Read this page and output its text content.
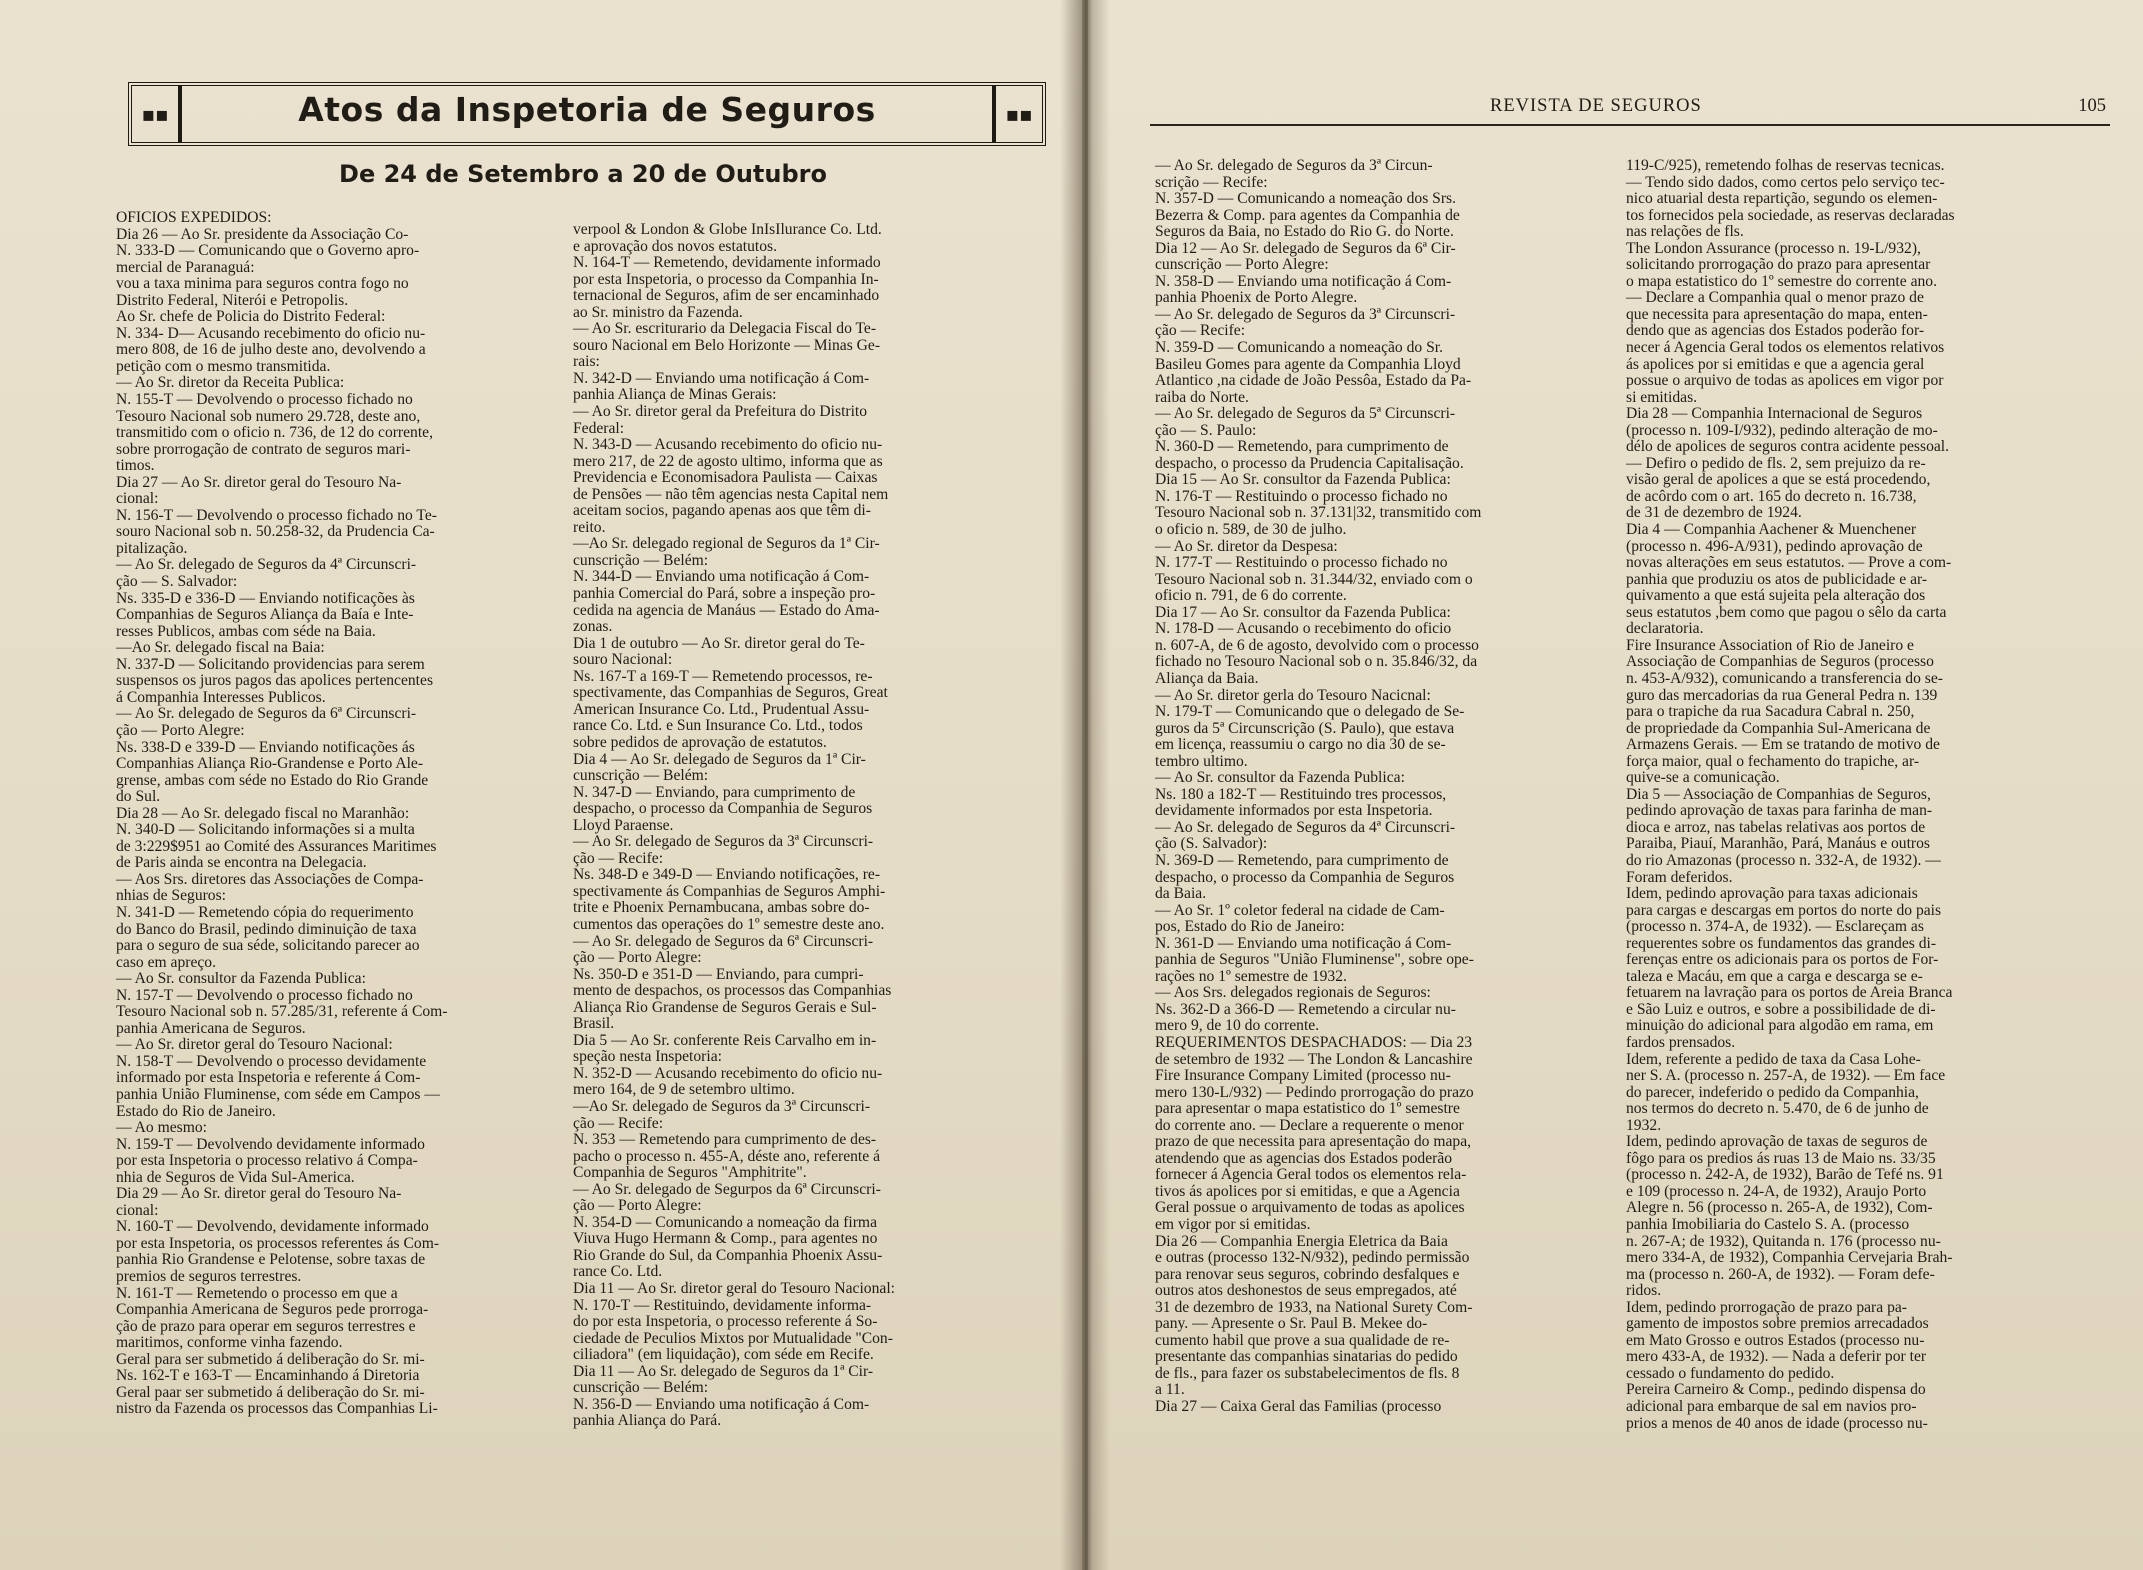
▪▪	Atos da Inspetoria de Seguros	▪▪
De 24 de Setembro a 20 de Outubro

OFICIOS EXPEDIDOS:

Dia 26 — Ao Sr. presidente da Associação Co-

N. 333-D — Comunicando que o Governo apro-

mercial de Paranaguá:

vou a taxa minima para seguros contra fogo no

Distrito Federal, Niterói e Petropolis.

Ao Sr. chefe de Policia do Distrito Federal:

N. 334- D— Acusando recebimento do oficio nu-

mero 808, de 16 de julho deste ano, devolvendo a

petição com o mesmo transmitida.

— Ao Sr. diretor da Receita Publica:

N. 155-T — Devolvendo o processo fichado no

Tesouro Nacional sob numero 29.728, deste ano,

transmitido com o oficio n. 736, de 12 do corrente,

sobre prorrogação de contrato de seguros mari-

timos.

Dia 27 — Ao Sr. diretor geral do Tesouro Na-

cional:

N. 156-T — Devolvendo o processo fichado no Te-

souro Nacional sob n. 50.258-32, da Prudencia Ca-

pitalização.

— Ao Sr. delegado de Seguros da 4ª Circunscri-

ção — S. Salvador:

Ns. 335-D e 336-D — Enviando notificações às

Companhias de Seguros Aliança da Baía e Inte-

resses Publicos, ambas com séde na Baia.

—Ao Sr. delegado fiscal na Baia:

N. 337-D — Solicitando providencias para serem

suspensos os juros pagos das apolices pertencentes

á Companhia Interesses Publicos.

— Ao Sr. delegado de Seguros da 6ª Circunscri-

ção — Porto Alegre:

Ns. 338-D e 339-D — Enviando notificações ás

Companhias Aliança Rio-Grandense e Porto Ale-

grense, ambas com séde no Estado do Rio Grande

do Sul.

Dia 28 — Ao Sr. delegado fiscal no Maranhão:

N. 340-D — Solicitando informações si a multa

de 3:229$951 ao Comité des Assurances Maritimes

de Paris ainda se encontra na Delegacia.

— Aos Srs. diretores das Associações de Compa-

nhias de Seguros:

N. 341-D — Remetendo cópia do requerimento

do Banco do Brasil, pedindo diminuição de taxa

para o seguro de sua séde, solicitando parecer ao

caso em apreço.

— Ao Sr. consultor da Fazenda Publica:

N. 157-T — Devolvendo o processo fichado no

Tesouro Nacional sob n. 57.285/31, referente á Com-

panhia Americana de Seguros.

— Ao Sr. diretor geral do Tesouro Nacional:

N. 158-T — Devolvendo o processo devidamente

informado por esta Inspetoria e referente á Com-

panhia União Fluminense, com séde em Campos —

Estado do Rio de Janeiro.

— Ao mesmo:

N. 159-T — Devolvendo devidamente informado

por esta Inspetoria o processo relativo á Compa-

nhia de Seguros de Vida Sul-America.

Dia 29 — Ao Sr. diretor geral do Tesouro Na-

cional:

N. 160-T — Devolvendo, devidamente informado

por esta Inspetoria, os processos referentes ás Com-

panhia Rio Grandense e Pelotense, sobre taxas de

premios de seguros terrestres.

N. 161-T — Remetendo o processo em que a

Companhia Americana de Seguros pede prorroga-

ção de prazo para operar em seguros terrestres e

maritimos, conforme vinha fazendo.

Geral para ser submetido á deliberação do Sr. mi-

Ns. 162-T e 163-T — Encaminhando á Diretoria

Geral paar ser submetido á deliberação do Sr. mi-

nistro da Fazenda os processos das Companhias Li-

verpool & London & Globe InIsIlurance Co. Ltd.

e aprovação dos novos estatutos.

N. 164-T — Remetendo, devidamente informado

por esta Inspetoria, o processo da Companhia In-

ternacional de Seguros, afim de ser encaminhado

ao Sr. ministro da Fazenda.

— Ao Sr. escriturario da Delegacia Fiscal do Te-

souro Nacional em Belo Horizonte — Minas Ge-

rais:

N. 342-D — Enviando uma notificação á Com-

panhia Aliança de Minas Gerais:

— Ao Sr. diretor geral da Prefeitura do Distrito

Federal:

N. 343-D — Acusando recebimento do oficio nu-

mero 217, de 22 de agosto ultimo, informa que as

Previdencia e Economisadora Paulista — Caixas

de Pensões — não têm agencias nesta Capital nem

aceitam socios, pagando apenas aos que têm di-

reito.

—Ao Sr. delegado regional de Seguros da 1ª Cir-

cunscrição — Belém:

N. 344-D — Enviando uma notificação á Com-

panhia Comercial do Pará, sobre a inspeção pro-

cedida na agencia de Manáus — Estado do Ama-

zonas.

Dia 1 de outubro — Ao Sr. diretor geral do Te-

souro Nacional:

Ns. 167-T a 169-T — Remetendo processos, re-

spectivamente, das Companhias de Seguros, Great

American Insurance Co. Ltd., Prudentual Assu-

rance Co. Ltd. e Sun Insurance Co. Ltd., todos

sobre pedidos de aprovação de estatutos.

Dia 4 — Ao Sr. delegado de Seguros da 1ª Cir-

cunscrição — Belém:

N. 347-D — Enviando, para cumprimento de

despacho, o processo da Companhia de Seguros

Lloyd Paraense.

— Ao Sr. delegado de Seguros da 3ª Circunscri-

ção — Recife:

Ns. 348-D e 349-D — Enviando notificações, re-

spectivamente ás Companhias de Seguros Amphi-

trite e Phoenix Pernambucana, ambas sobre do-

cumentos das operações do 1º semestre deste ano.

— Ao Sr. delegado de Seguros da 6ª Circunscri-

ção — Porto Alegre:

Ns. 350-D e 351-D — Enviando, para cumpri-

mento de despachos, os processos das Companhias

Aliança Rio Grandense de Seguros Gerais e Sul-

Brasil.

Dia 5 — Ao Sr. conferente Reis Carvalho em in-

speção nesta Inspetoria:

N. 352-D — Acusando recebimento do oficio nu-

mero 164, de 9 de setembro ultimo.

—Ao Sr. delegado de Seguros da 3ª Circunscri-

ção — Recife:

N. 353 — Remetendo para cumprimento de des-

pacho o processo n. 455-A, déste ano, referente á

Companhia de Seguros "Amphitrite".

— Ao Sr. delegado de Segurpos da 6ª Circunscri-

ção — Porto Alegre:

N. 354-D — Comunicando a nomeação da firma

Viuva Hugo Hermann & Comp., para agentes no

Rio Grande do Sul, da Companhia Phoenix Assu-

rance Co. Ltd.

Dia 11 — Ao Sr. diretor geral do Tesouro Nacional:

N. 170-T — Restituindo, devidamente informa-

do por esta Inspetoria, o processo referente á So-

ciedade de Peculios Mixtos por Mutualidade "Con-

ciliadora" (em liquidação), com séde em Recife.

Dia 11 — Ao Sr. delegado de Seguros da 1ª Cir-

cunscrição — Belém:

N. 356-D — Enviando uma notificação á Com-

panhia Aliança do Pará.

REVISTA DE SEGUROS	105

— Ao Sr. delegado de Seguros da 3ª Circun-

scrição — Recife:

N. 357-D — Comunicando a nomeação dos Srs.

Bezerra & Comp. para agentes da Companhia de

Seguros da Baia, no Estado do Rio G. do Norte.

Dia 12 — Ao Sr. delegado de Seguros da 6ª Cir-

cunscrição — Porto Alegre:

N. 358-D — Enviando uma notificação á Com-

panhia Phoenix de Porto Alegre.

— Ao Sr. delegado de Seguros da 3ª Circunscri-

ção — Recife:

N. 359-D — Comunicando a nomeação do Sr.

Basileu Gomes para agente da Companhia Lloyd

Atlantico ,na cidade de João Pessôa, Estado da Pa-

raiba do Norte.

— Ao Sr. delegado de Seguros da 5ª Circunscri-

ção — S. Paulo:

N. 360-D — Remetendo, para cumprimento de

despacho, o processo da Prudencia Capitalisação.

Dia 15 — Ao Sr. consultor da Fazenda Publica:

N. 176-T — Restituindo o processo fichado no

Tesouro Nacional sob n. 37.131|32, transmitido com

o oficio n. 589, de 30 de julho.

— Ao Sr. diretor da Despesa:

N. 177-T — Restituindo o processo fichado no

Tesouro Nacional sob n. 31.344/32, enviado com o

oficio n. 791, de 6 do corrente.

Dia 17 — Ao Sr. consultor da Fazenda Publica:

N. 178-D — Acusando o recebimento do oficio

n. 607-A, de 6 de agosto, devolvido com o processo

fichado no Tesouro Nacional sob o n. 35.846/32, da

Aliança da Baia.

— Ao Sr. diretor gerla do Tesouro Nacicnal:

N. 179-T — Comunicando que o delegado de Se-

guros da 5ª Circunscrição (S. Paulo), que estava

em licença, reassumiu o cargo no dia 30 de se-

tembro ultimo.

— Ao Sr. consultor da Fazenda Publica:

Ns. 180 a 182-T — Restituindo tres processos,

devidamente informados por esta Inspetoria.

— Ao Sr. delegado de Seguros da 4ª Circunscri-

ção (S. Salvador):

N. 369-D — Remetendo, para cumprimento de

despacho, o processo da Companhia de Seguros

da Baia.

— Ao Sr. 1º coletor federal na cidade de Cam-

pos, Estado do Rio de Janeiro:

N. 361-D — Enviando uma notificação á Com-

panhia de Seguros "União Fluminense", sobre ope-

rações no 1º semestre de 1932.

— Aos Srs. delegados regionais de Seguros:

Ns. 362-D a 366-D — Remetendo a circular nu-

mero 9, de 10 do corrente.

REQUERIMENTOS DESPACHADOS: — Dia 23

de setembro de 1932 — The London & Lancashire

Fire Insurance Company Limited (processo nu-

mero 130-L/932) — Pedindo prorrogação do prazo

para apresentar o mapa estatistico do 1º semestre

do corrente ano. — Declare a requerente o menor

prazo de que necessita para apresentação do mapa,

atendendo que as agencias dos Estados poderão

fornecer á Agencia Geral todos os elementos rela-

tivos ás apolices por si emitidas, e que a Agencia

Geral possue o arquivamento de todas as apolices

em vigor por si emitidas.

Dia 26 — Companhia Energia Eletrica da Baia

e outras (processo 132-N/932), pedindo permissão

para renovar seus seguros, cobrindo desfalques e

outros atos deshonestos de seus empregados, até

31 de dezembro de 1933, na National Surety Com-

pany. — Apresente o Sr. Paul B. Mekee do-

cumento habil que prove a sua qualidade de re-

presentante das companhias sinatarias do pedido

de fls., para fazer os substabelecimentos de fls. 8

a 11.

Dia 27 — Caixa Geral das Familias (processo

119-C/925), remetendo folhas de reservas tecnicas.

— Tendo sido dados, como certos pelo serviço tec-

nico atuarial desta repartição, segundo os elemen-

tos fornecidos pela sociedade, as reservas declaradas

nas relações de fls.

The London Assurance (processo n. 19-L/932),

solicitando prorrogação do prazo para apresentar

o mapa estatistico do 1º semestre do corrente ano.

— Declare a Companhia qual o menor prazo de

que necessita para apresentação do mapa, enten-

dendo que as agencias dos Estados poderão for-

necer á Agencia Geral todos os elementos relativos

ás apolices por si emitidas e que a agencia geral

possue o arquivo de todas as apolices em vigor por

si emitidas.

Dia 28 — Companhia Internacional de Seguros

(processo n. 109-I/932), pedindo alteração de mo-

délo de apolices de seguros contra acidente pessoal.

— Defiro o pedido de fls. 2, sem prejuizo da re-

visão geral de apolices a que se está procedendo,

de acôrdo com o art. 165 do decreto n. 16.738,

de 31 de dezembro de 1924.

Dia 4 — Companhia Aachener & Muenchener

(processo n. 496-A/931), pedindo aprovação de

novas alterações em seus estatutos. — Prove a com-

panhia que produziu os atos de publicidade e ar-

quivamento a que está sujeita pela alteração dos

seus estatutos ,bem como que pagou o sêlo da carta

declaratoria.

Fire Insurance Association of Rio de Janeiro e

Associação de Companhias de Seguros (processo

n. 453-A/932), comunicando a transferencia do se-

guro das mercadorias da rua General Pedra n. 139

para o trapiche da rua Sacadura Cabral n. 250,

de propriedade da Companhia Sul-Americana de

Armazens Gerais. — Em se tratando de motivo de

força maior, qual o fechamento do trapiche, ar-

quive-se a comunicação.

Dia 5 — Associação de Companhias de Seguros,

pedindo aprovação de taxas para farinha de man-

dioca e arroz, nas tabelas relativas aos portos de

Paraiba, Piauí, Maranhão, Pará, Manáus e outros

do rio Amazonas (processo n. 332-A, de 1932). —

Foram deferidos.

Idem, pedindo aprovação para taxas adicionais

para cargas e descargas em portos do norte do pais

(processo n. 374-A, de 1932). — Esclareçam as

requerentes sobre os fundamentos das grandes di-

ferenças entre os adicionais para os portos de For-

taleza e Macáu, em que a carga e descarga se e-

fetuarem na lavração para os portos de Areia Branca

e São Luiz e outros, e sobre a possibilidade de di-

minuição do adicional para algodão em rama, em

fardos prensados.

Idem, referente a pedido de taxa da Casa Lohe-

ner S. A. (processo n. 257-A, de 1932). — Em face

do parecer, indeferido o pedido da Companhia,

nos termos do decreto n. 5.470, de 6 de junho de

1932.

Idem, pedindo aprovação de taxas de seguros de

fôgo para os predios ás ruas 13 de Maio ns. 33/35

(processo n. 242-A, de 1932), Barão de Tefé ns. 91

e 109 (processo n. 24-A, de 1932), Araujo Porto

Alegre n. 56 (processo n. 265-A, de 1932), Com-

panhia Imobiliaria do Castelo S. A. (processo

n. 267-A; de 1932), Quitanda n. 176 (processo nu-

mero 334-A, de 1932), Companhia Cervejaria Brah-

ma (processo n. 260-A, de 1932). — Foram defe-

ridos.

Idem, pedindo prorrogação de prazo para pa-

gamento de impostos sobre premios arrecadados

em Mato Grosso e outros Estados (processo nu-

mero 433-A, de 1932). — Nada a deferir por ter

cessado o fundamento do pedido.

Pereira Carneiro & Comp., pedindo dispensa do

adicional para embarque de sal em navios pro-

prios a menos de 40 anos de idade (processo nu-
